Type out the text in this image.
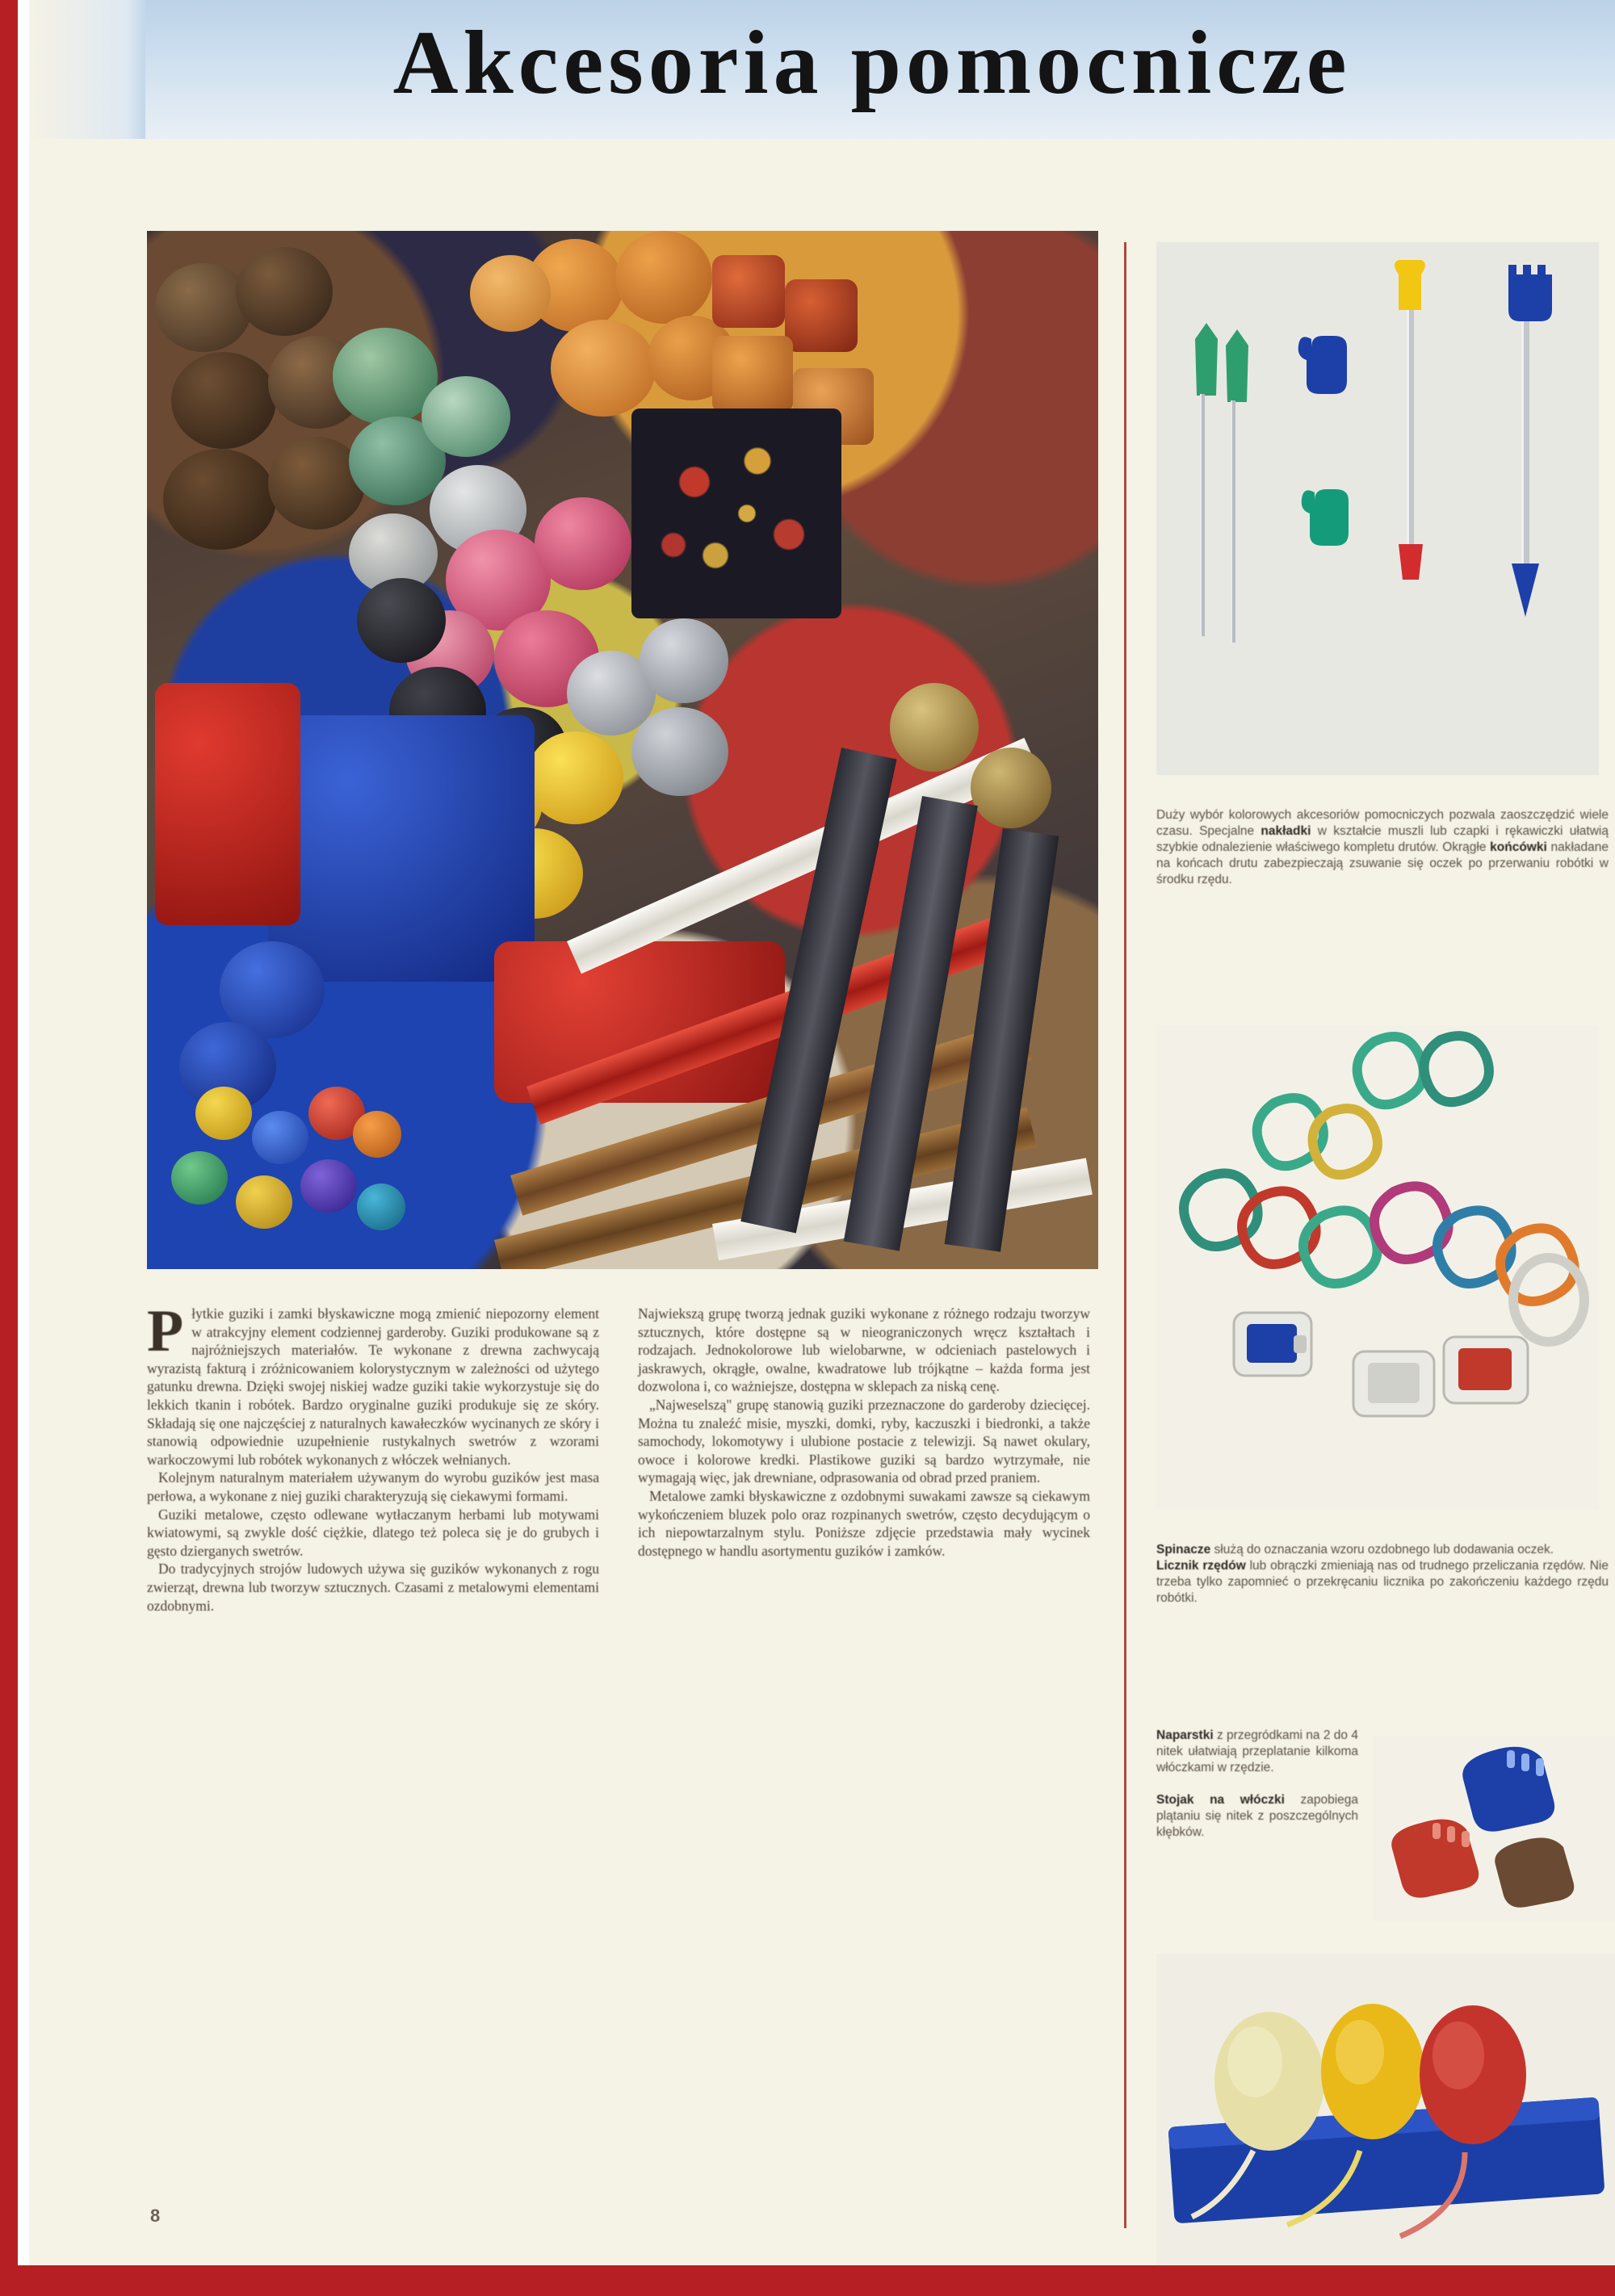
Akcesoria pomocnicze
Duży wybór kolorowych akcesoriów pomocniczych pozwala zaoszczędzić wiele czasu. Specjalne nakładki w kształcie muszli lub czapki i rękawiczki ułatwią szybkie odnalezienie właściwego kompletu drutów. Okrągłe końcówki nakładane na końcach drutu zabezpieczają zsuwanie się oczek po przerwaniu robótki w środku rzędu.
Spinacze służą do oznaczania wzoru ozdobnego lub dodawania oczek.
Licznik rzędów lub obrączki zmieniają nas od trudnego przeliczania rzędów. Nie trzeba tylko zapomnieć o przekręcaniu licznika po zakończeniu każdego rzędu robótki.
Naparstki z przegródkami na 2 do 4 nitek ułatwiają przeplatanie kilkoma włóczkami w rzędzie.

Stojak na włóczki zapobiega plątaniu się nitek z poszczególnych kłębków.

Płytkie guziki i zamki błyskawiczne mogą zmienić niepozorny element w atrakcyjny element codziennej garderoby. Guziki produkowane są z najróżniejszych materiałów. Te wykonane z drewna zachwycają wyrazistą fakturą i zróżnicowaniem kolorystycznym w zależności od użytego gatunku drewna. Dzięki swojej niskiej wadze guziki takie wykorzystuje się do lekkich tkanin i robótek. Bardzo oryginalne guziki produkuje się ze skóry. Składają się one najczęściej z naturalnych kawałeczków wycinanych ze skóry i stanowią odpowiednie uzupełnienie rustykalnych swetrów z wzorami warkoczowymi lub robótek wykonanych z włóczek wełnianych.

Kolejnym naturalnym materiałem używanym do wyrobu guzików jest masa perłowa, a wykonane z niej guziki charakteryzują się ciekawymi formami.

Guziki metalowe, często odlewane wytłaczanym herbami lub motywami kwiatowymi, są zwykle dość ciężkie, dlatego też poleca się je do grubych i gęsto dzierganych swetrów.

Do tradycyjnych strojów ludowych używa się guzików wykonanych z rogu zwierząt, drewna lub tworzyw sztucznych. Czasami z metalowymi elementami ozdobnymi.

Najwiekszą grupę tworzą jednak guziki wykonane z różnego rodzaju tworzyw sztucznych, które dostępne są w nieograniczonych wręcz kształtach i rodzajach. Jednokolorowe lub wielobarwne, w odcieniach pastelowych i jaskrawych, okrągłe, owalne, kwadratowe lub trójkątne – każda forma jest dozwolona i, co ważniejsze, dostępna w sklepach za niską cenę.

„Najweselszą" grupę stanowią guziki przeznaczone do garderoby dziecięcej. Można tu znaleźć misie, myszki, domki, ryby, kaczuszki i biedronki, a także samochody, lokomotywy i ulubione postacie z telewizji. Są nawet okulary, owoce i kolorowe kredki. Plastikowe guziki są bardzo wytrzymałe, nie wymagają więc, jak drewniane, odprasowania od obrad przed praniem.

Metalowe zamki błyskawiczne z ozdobnymi suwakami zawsze są ciekawym wykończeniem bluzek polo oraz rozpinanych swetrów, często decydującym o ich niepowtarzalnym stylu. Poniższe zdjęcie przedstawia mały wycinek dostępnego w handlu asortymentu guzików i zamków.

8
